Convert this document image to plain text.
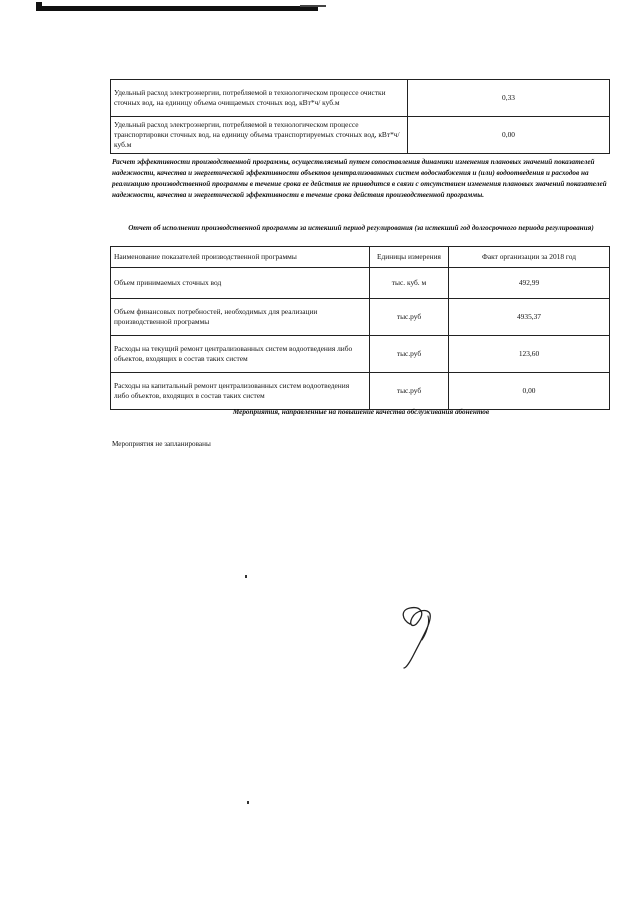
Удельный расход электроэнергии, потребляемой в технологическом процессе очистки сточных вод, на единицу объема очищаемых сточных вод, кВт*ч/ куб.м	0,33
Удельный расход электроэнергии, потребляемой в технологическом процессе транспортировки сточных вод, на единицу объема транспортируемых сточных вод, кВт*ч/ куб.м	0,00
Расчет эффективности производственной программы, осуществляемый путем сопоставления динамики изменения плановых значений показателей надежности, качества и энергетической эффективности объектов централизованных систем водоснабжения и (или) водоотведения и расходов на реализацию производственной программы в течение срока ее действия не приводится в связи с отсутствием изменения плановых значений показателей надежности, качества и энергетической эффективности в течение срока действия производственной программы.
Отчет об исполнении производственной программы за истекший период регулирования (за истекший год долгосрочного периода регулирования)
Наименование показателей производственной программы	Единицы измерения	Факт организации за 2018 год
Объем принимаемых сточных вод	тыс. куб. м	492,99
Объем финансовых потребностей, необходимых для реализации производственной программы	тыс.руб	4935,37
Расходы на текущий ремонт централизованных систем водоотведения либо объектов, входящих в состав таких систем	тыс.руб	123,60
Расходы на капитальный ремонт централизованных систем водоотведения либо объектов, входящих в состав таких систем	тыс.руб	0,00
Мероприятия, направленные на повышение качества обслуживания абонентов
Мероприятия не запланированы
